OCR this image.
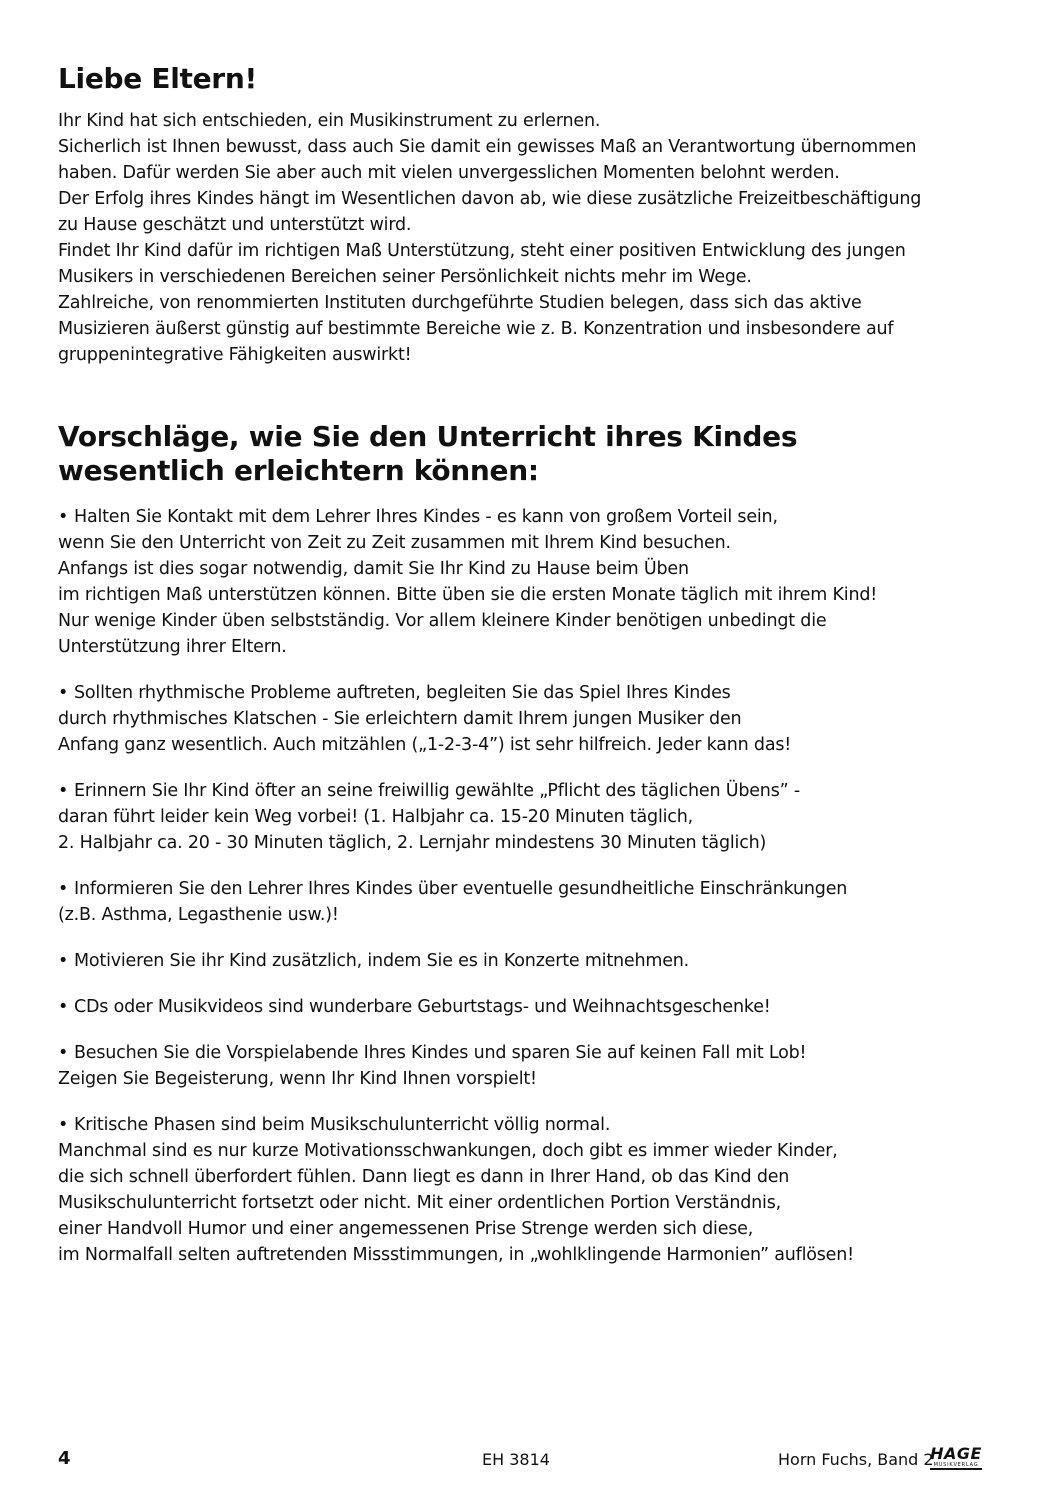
Liebe Eltern!
Ihr Kind hat sich entschieden, ein Musikinstrument zu erlernen.
Sicherlich ist Ihnen bewusst, dass auch Sie damit ein gewisses Maß an Verantwortung übernommen
haben. Dafür werden Sie aber auch mit vielen unvergesslichen Momenten belohnt werden.
Der Erfolg ihres Kindes hängt im Wesentlichen davon ab, wie diese zusätzliche Freizeitbeschäftigung
zu Hause geschätzt und unterstützt wird.
Findet Ihr Kind dafür im richtigen Maß Unterstützung, steht einer positiven Entwicklung des jungen
Musikers in verschiedenen Bereichen seiner Persönlichkeit nichts mehr im Wege.
Zahlreiche, von renommierten Instituten durchgeführte Studien belegen, dass sich das aktive
Musizieren äußerst günstig auf bestimmte Bereiche wie z. B. Konzentration und insbesondere auf
gruppenintegrative Fähigkeiten auswirkt!
Vorschläge, wie Sie den Unterricht ihres Kindes
wesentlich erleichtern können:
• Halten Sie Kontakt mit dem Lehrer Ihres Kindes - es kann von großem Vorteil sein,
wenn Sie den Unterricht von Zeit zu Zeit zusammen mit Ihrem Kind besuchen.
Anfangs ist dies sogar notwendig, damit Sie Ihr Kind zu Hause beim Üben
im richtigen Maß unterstützen können. Bitte üben sie die ersten Monate täglich mit ihrem Kind!
Nur wenige Kinder üben selbstständig. Vor allem kleinere Kinder benötigen unbedingt die
Unterstützung ihrer Eltern.
• Sollten rhythmische Probleme auftreten, begleiten Sie das Spiel Ihres Kindes
durch rhythmisches Klatschen - Sie erleichtern damit Ihrem jungen Musiker den
Anfang ganz wesentlich. Auch mitzählen („1-2-3-4”) ist sehr hilfreich. Jeder kann das!
• Erinnern Sie Ihr Kind öfter an seine freiwillig gewählte „Pflicht des täglichen Übens” -
daran führt leider kein Weg vorbei! (1. Halbjahr ca. 15-20 Minuten täglich,
2. Halbjahr ca. 20 - 30 Minuten täglich, 2. Lernjahr mindestens 30 Minuten täglich)
• Informieren Sie den Lehrer Ihres Kindes über eventuelle gesundheitliche Einschränkungen
(z.B. Asthma, Legasthenie usw.)!
• Motivieren Sie ihr Kind zusätzlich, indem Sie es in Konzerte mitnehmen.
• CDs oder Musikvideos sind wunderbare Geburtstags- und Weihnachtsgeschenke!
• Besuchen Sie die Vorspielabende Ihres Kindes und sparen Sie auf keinen Fall mit Lob!
Zeigen Sie Begeisterung, wenn Ihr Kind Ihnen vorspielt!
• Kritische Phasen sind beim Musikschulunterricht völlig normal.
Manchmal sind es nur kurze Motivationsschwankungen, doch gibt es immer wieder Kinder,
die sich schnell überfordert fühlen. Dann liegt es dann in Ihrer Hand, ob das Kind den
Musikschulunterricht fortsetzt oder nicht. Mit einer ordentlichen Portion Verständnis,
einer Handvoll Humor und einer angemessenen Prise Strenge werden sich diese,
im Normalfall selten auftretenden Missstimmungen, in „wohlklingende Harmonien” auflösen!
4	EH 3814	Horn Fuchs, Band 2
HAGE
MUSIKVERLAG
